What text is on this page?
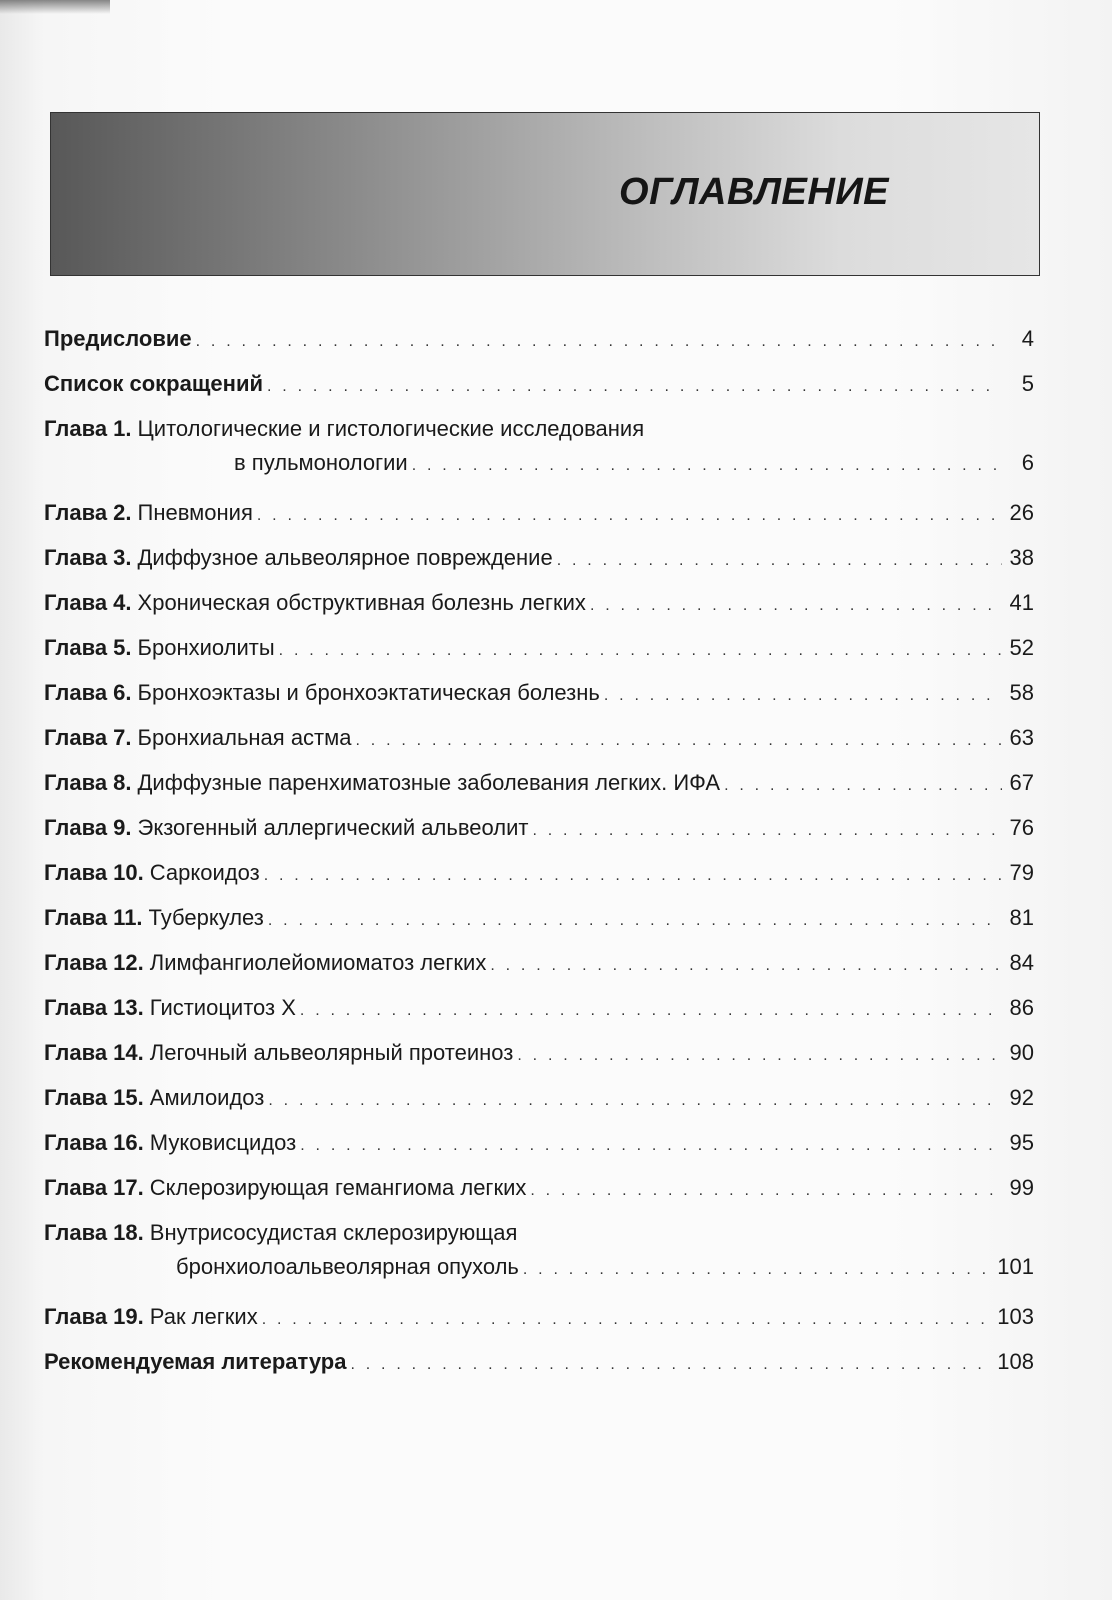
ОГЛАВЛЕНИЕ
Предисловие . . .	4
Список сокращений . . .	5
Глава 1. Цитологические и гистологические исследования
в пульмонологии . . .	6
Глава 2. Пневмония . . .	26
Глава 3. Диффузное альвеолярное повреждение . . .	38
Глава 4. Хроническая обструктивная болезнь легких . . .	41
Глава 5. Бронхиолиты . . .	52
Глава 6. Бронхоэктазы и бронхоэктатическая болезнь . . .	58
Глава 7. Бронхиальная астма . . .	63
Глава 8. Диффузные паренхиматозные заболевания легких. ИФА . . .	67
Глава 9. Экзогенный аллергический альвеолит . . .	76
Глава 10. Саркоидоз . . .	79
Глава 11. Туберкулез . . .	81
Глава 12. Лимфангиолейомиоматоз легких . . .	84
Глава 13. Гистиоцитоз X . . .	86
Глава 14. Легочный альвеолярный протеиноз . . .	90
Глава 15. Амилоидоз . . .	92
Глава 16. Муковисцидоз . . .	95
Глава 17. Склерозирующая гемангиома легких . . .	99
Глава 18. Внутрисосудистая склерозирующая
бронхиолоальвеолярная опухоль . . .	101
Глава 19. Рак легких . . .	103
Рекомендуемая литература . . .	108
